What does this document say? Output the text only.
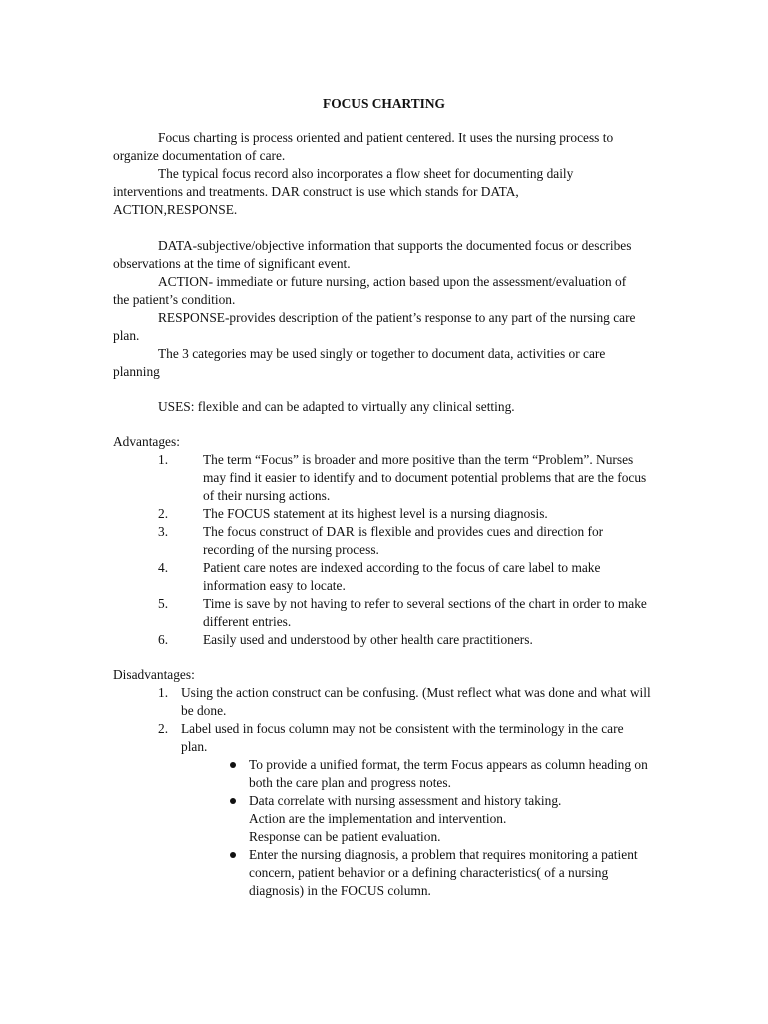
FOCUS CHARTING

Focus charting is process oriented and patient centered. It uses the nursing process to organize documentation of care.

The typical focus record also incorporates a flow sheet for documenting daily interventions and treatments. DAR construct is use which stands for DATA, ACTION,RESPONSE.

DATA-subjective/objective information that supports the documented focus or describes observations at the time of significant event.

ACTION- immediate or future nursing, action based upon the assessment/evaluation of the patient’s condition.

RESPONSE-provides description of the patient’s response to any part of the nursing care plan.

The 3 categories may be used singly or together to document data, activities or care planning

USES: flexible and can be adapted to virtually any clinical setting.

Advantages:
1.	The term “Focus” is broader and more positive than the term “Problem”. Nurses may find it easier to identify and to document potential problems that are the focus of their nursing actions.
2.	The FOCUS statement at its highest level is a nursing diagnosis.
3.	The focus construct of DAR is flexible and provides cues and direction for recording of the nursing process.
4.	Patient care notes are indexed according to the focus of care label to make information easy to locate.
5.	Time is save by not having to refer to several sections of the chart in order to make different entries.
6.	Easily used and understood by other health care practitioners.
Disadvantages:
1. Using the action construct can be confusing. (Must reflect what was done and what will be done.
2. Label used in focus column may not be consistent with the terminology in the care plan.
To provide a unified format, the term Focus appears as column heading on both the care plan and progress notes.
Data correlate with nursing assessment and history taking.
Action are the implementation and intervention.
Response can be patient evaluation.
Enter the nursing diagnosis, a problem that requires monitoring a patient concern, patient behavior or a defining characteristics( of a nursing diagnosis) in the FOCUS column.
